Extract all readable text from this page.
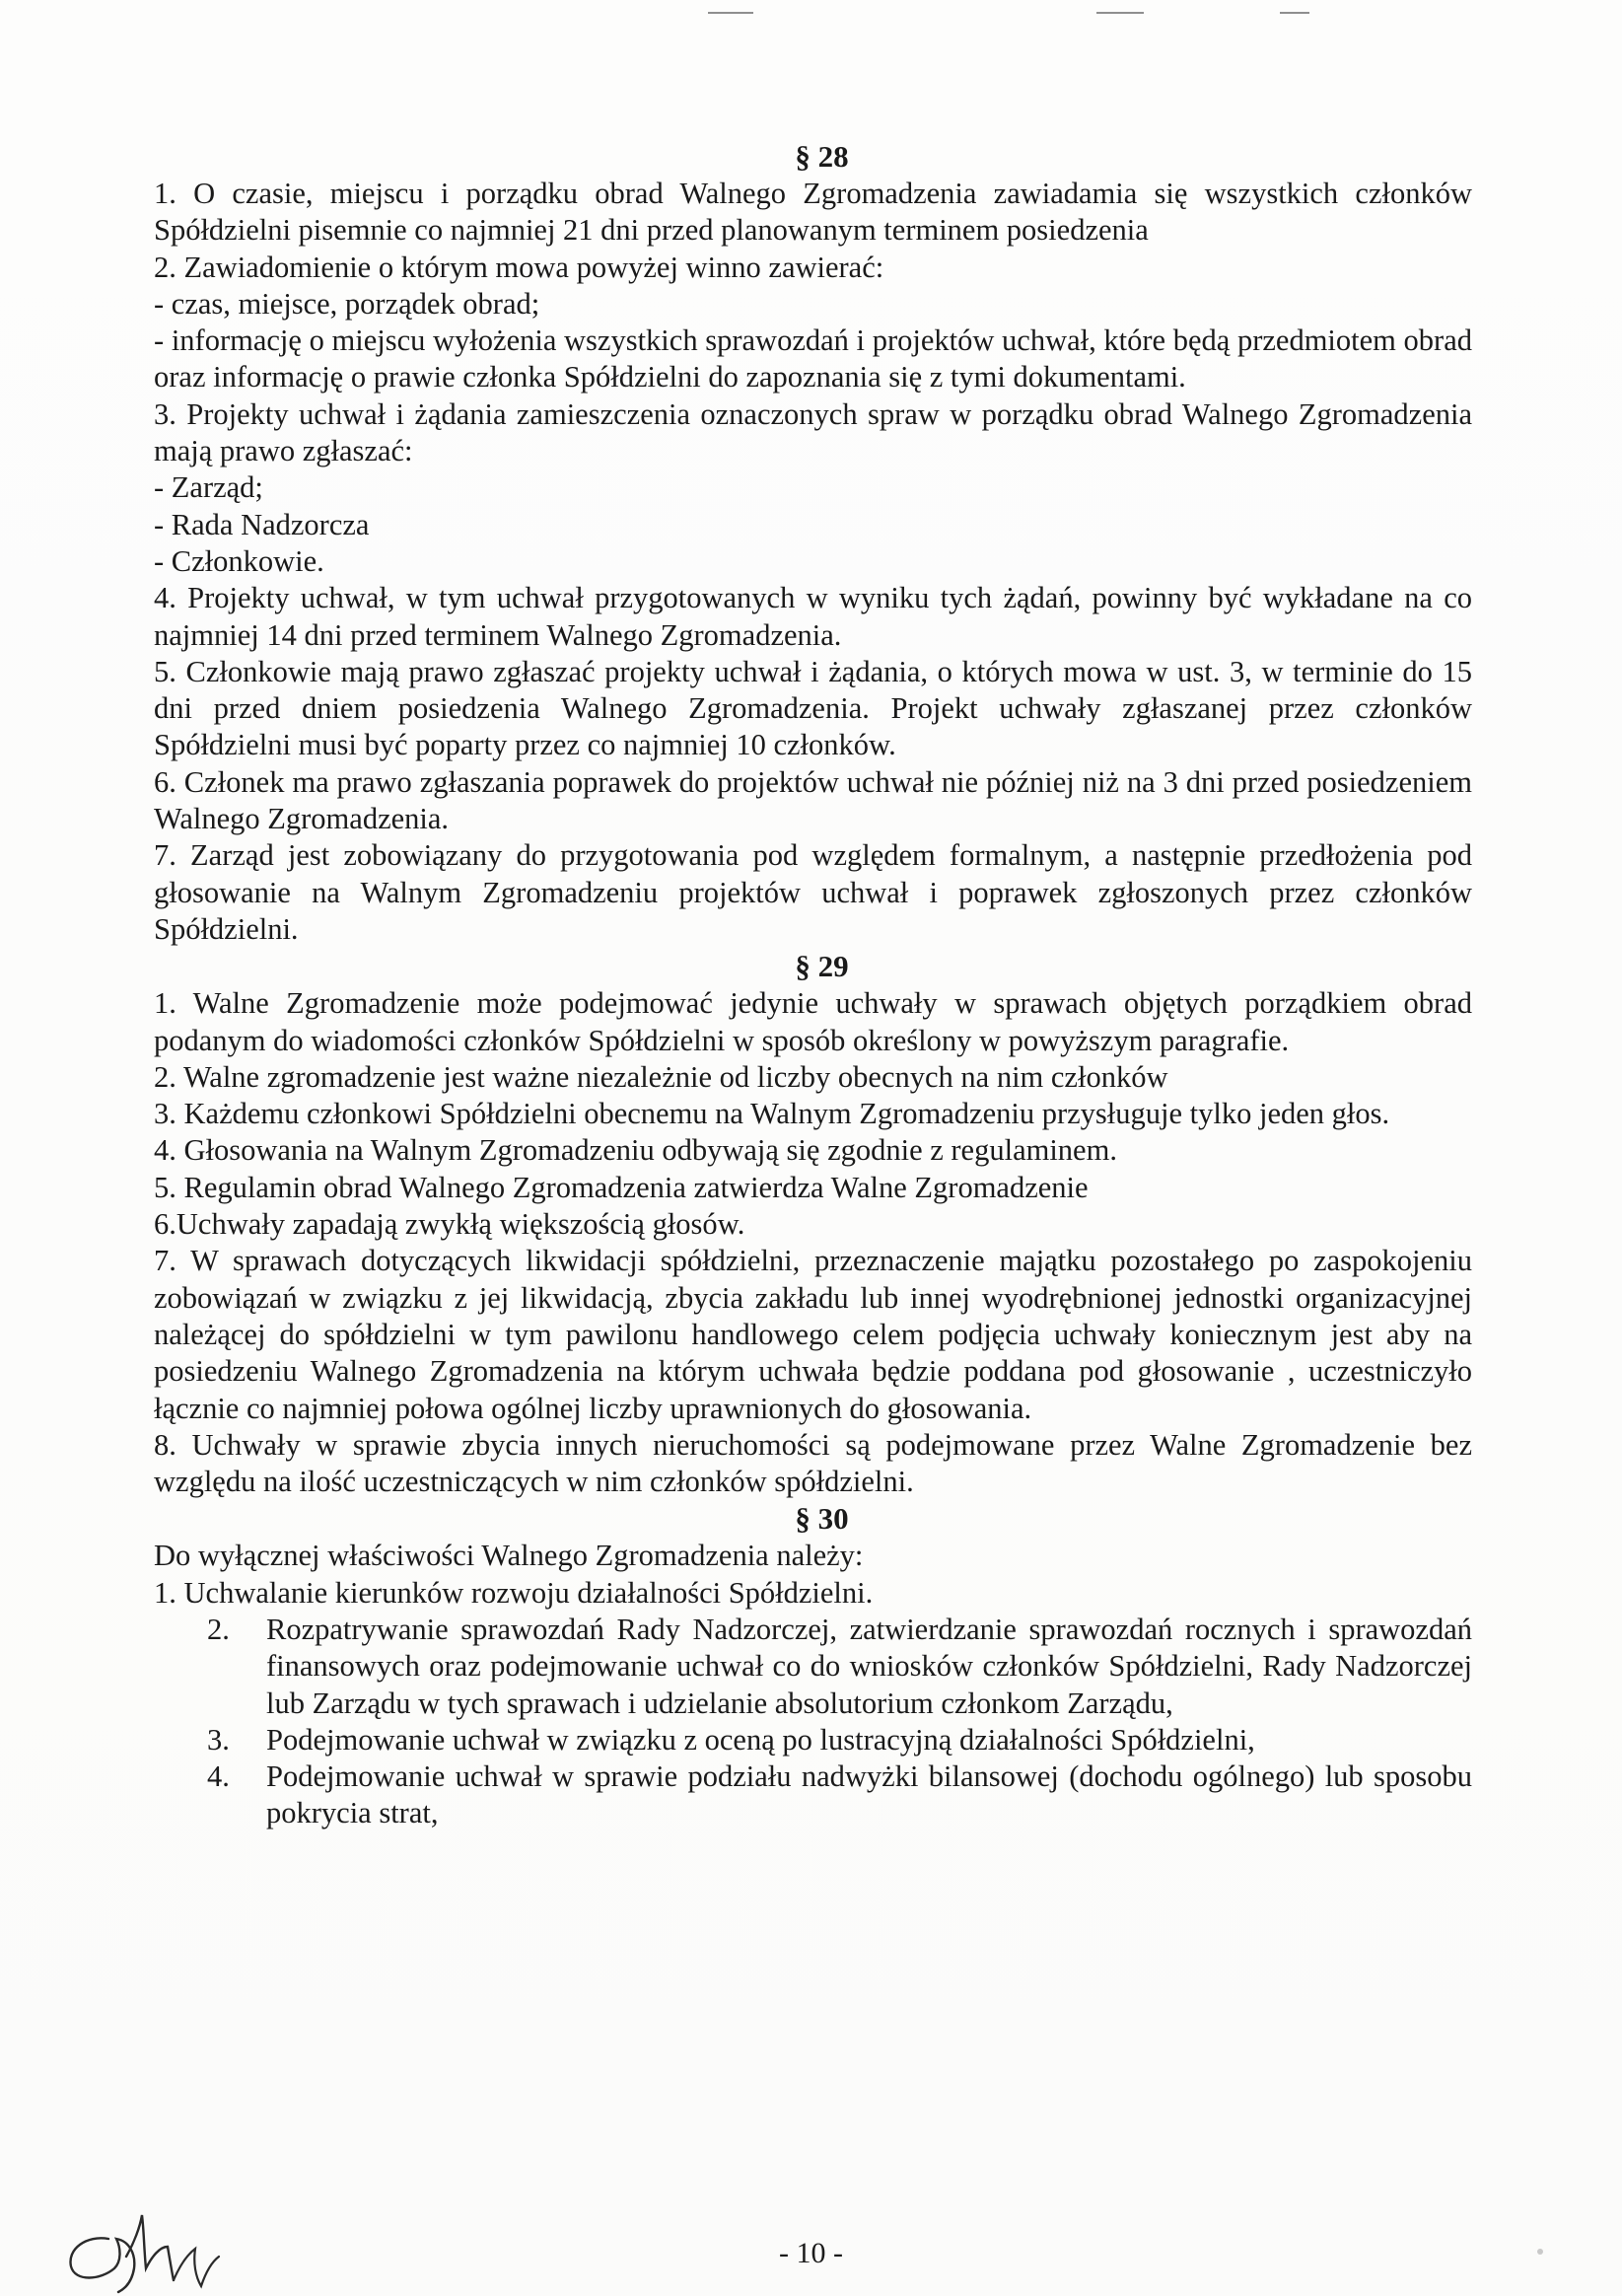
§ 28

1. O czasie, miejscu i porządku obrad Walnego Zgromadzenia zawiadamia się wszystkich członków Spółdzielni pisemnie co najmniej 21 dni przed planowanym terminem posiedzenia

2. Zawiadomienie o którym mowa powyżej winno zawierać:

- czas, miejsce, porządek obrad;

- informację o miejscu wyłożenia wszystkich sprawozdań i projektów uchwał, które będą przedmiotem obrad oraz informację o prawie członka Spółdzielni do zapoznania się z tymi dokumentami.

3. Projekty uchwał i żądania zamieszczenia oznaczonych spraw w porządku obrad Walnego Zgromadzenia mają prawo zgłaszać:

- Zarząd;

- Rada Nadzorcza

- Członkowie.

4. Projekty uchwał, w tym uchwał przygotowanych w wyniku tych żądań, powinny być wykładane na co najmniej 14 dni przed terminem Walnego Zgromadzenia.

5. Członkowie mają prawo zgłaszać projekty uchwał i żądania, o których mowa w ust. 3, w terminie do 15 dni przed dniem posiedzenia Walnego Zgromadzenia. Projekt uchwały zgłaszanej przez członków Spółdzielni musi być poparty przez co najmniej 10 członków.

6. Członek ma prawo zgłaszania poprawek do projektów uchwał nie później niż na 3 dni przed posiedzeniem Walnego Zgromadzenia.

7. Zarząd jest zobowiązany do przygotowania pod względem formalnym, a następnie przedłożenia pod głosowanie na Walnym Zgromadzeniu projektów uchwał i poprawek zgłoszonych przez członków Spółdzielni.

§ 29

1. Walne Zgromadzenie może podejmować jedynie uchwały w sprawach objętych porządkiem obrad podanym do wiadomości członków Spółdzielni w sposób określony w powyższym paragrafie.

2. Walne zgromadzenie jest ważne niezależnie od liczby obecnych na nim członków

3. Każdemu członkowi Spółdzielni obecnemu na Walnym Zgromadzeniu przysługuje tylko jeden głos.

4. Głosowania na Walnym Zgromadzeniu odbywają się zgodnie z regulaminem.

5. Regulamin obrad Walnego Zgromadzenia zatwierdza Walne Zgromadzenie

6.Uchwały zapadają zwykłą większością głosów.

7. W sprawach dotyczących likwidacji spółdzielni, przeznaczenie majątku pozostałego po zaspokojeniu zobowiązań w związku z jej likwidacją, zbycia zakładu lub innej wyodrębnionej jednostki organizacyjnej należącej do spółdzielni w tym pawilonu handlowego celem podjęcia uchwały koniecznym jest aby na posiedzeniu Walnego Zgromadzenia na którym uchwała będzie poddana pod głosowanie , uczestniczyło łącznie co najmniej połowa ogólnej liczby uprawnionych do głosowania.

8. Uchwały w sprawie zbycia innych nieruchomości są podejmowane przez Walne Zgromadzenie bez względu na ilość uczestniczących w nim członków spółdzielni.

§ 30

Do wyłącznej właściwości Walnego Zgromadzenia należy:

1. Uchwalanie kierunków rozwoju działalności Spółdzielni.

2.	Rozpatrywanie sprawozdań Rady Nadzorczej, zatwierdzanie sprawozdań rocznych i sprawozdań finansowych oraz podejmowanie uchwał co do wniosków członków Spółdzielni, Rady Nadzorczej lub Zarządu w tych sprawach i udzielanie absolutorium członkom Zarządu,
3.	Podejmowanie uchwał w związku z oceną po lustracyjną działalności Spółdzielni,
4.	Podejmowanie uchwał w sprawie podziału nadwyżki bilansowej (dochodu ogólnego) lub sposobu pokrycia strat,
- 10 -
